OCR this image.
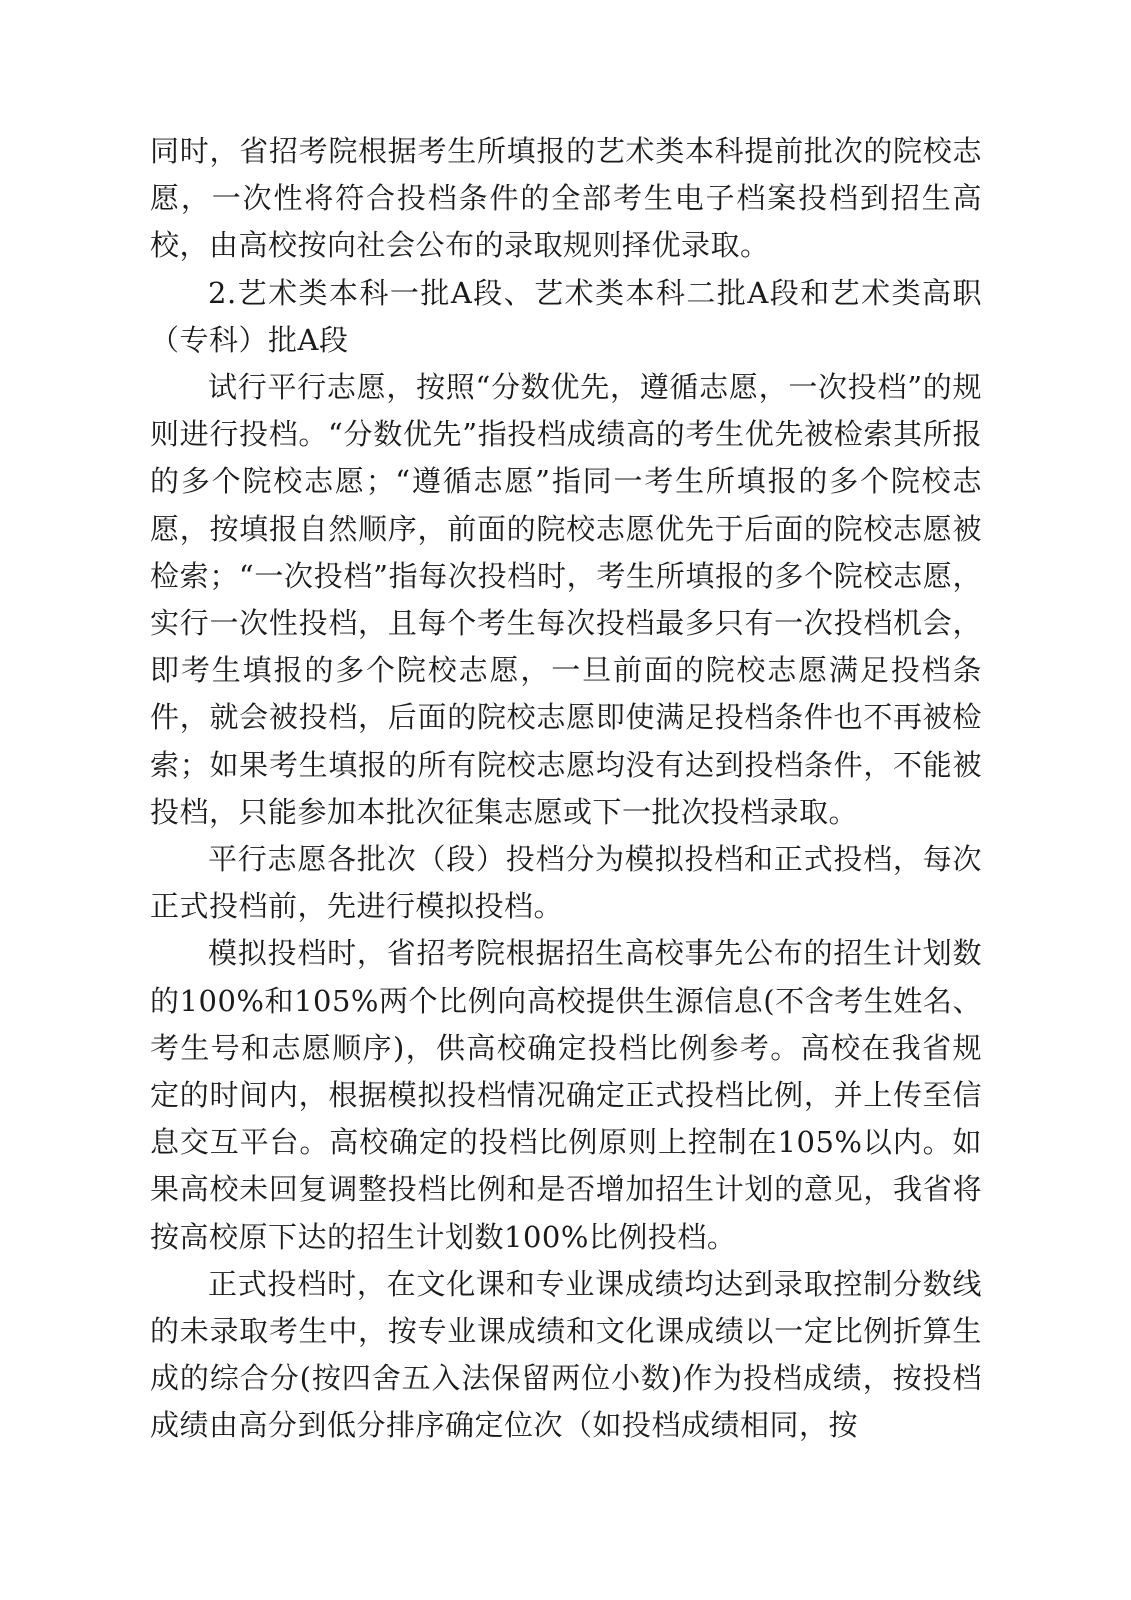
同时，省招考院根据考生所填报的艺术类本科提前批次的院校志愿，一次性将符合投档条件的全部考生电子档案投档到招生高校，由高校按向社会公布的录取规则择优录取。

2.艺术类本科一批A段、艺术类本科二批A段和艺术类高职（专科）批A段

试行平行志愿，按照“分数优先，遵循志愿，一次投档”的规则进行投档。“分数优先”指投档成绩高的考生优先被检索其所报的多个院校志愿；“遵循志愿”指同一考生所填报的多个院校志愿，按填报自然顺序，前面的院校志愿优先于后面的院校志愿被检索；“一次投档”指每次投档时，考生所填报的多个院校志愿，实行一次性投档，且每个考生每次投档最多只有一次投档机会，即考生填报的多个院校志愿，一旦前面的院校志愿满足投档条件，就会被投档，后面的院校志愿即使满足投档条件也不再被检索；如果考生填报的所有院校志愿均没有达到投档条件，不能被投档，只能参加本批次征集志愿或下一批次投档录取。

平行志愿各批次（段）投档分为模拟投档和正式投档，每次正式投档前，先进行模拟投档。

模拟投档时，省招考院根据招生高校事先公布的招生计划数的100%和105%两个比例向高校提供生源信息(不含考生姓名、考生号和志愿顺序)，供高校确定投档比例参考。高校在我省规定的时间内，根据模拟投档情况确定正式投档比例，并上传至信息交互平台。高校确定的投档比例原则上控制在105%以内。如果高校未回复调整投档比例和是否增加招生计划的意见，我省将按高校原下达的招生计划数100%比例投档。

正式投档时，在文化课和专业课成绩均达到录取控制分数线的未录取考生中，按专业课成绩和文化课成绩以一定比例折算生成的综合分(按四舍五入法保留两位小数)作为投档成绩，按投档成绩由高分到低分排序确定位次（如投档成绩相同，按
